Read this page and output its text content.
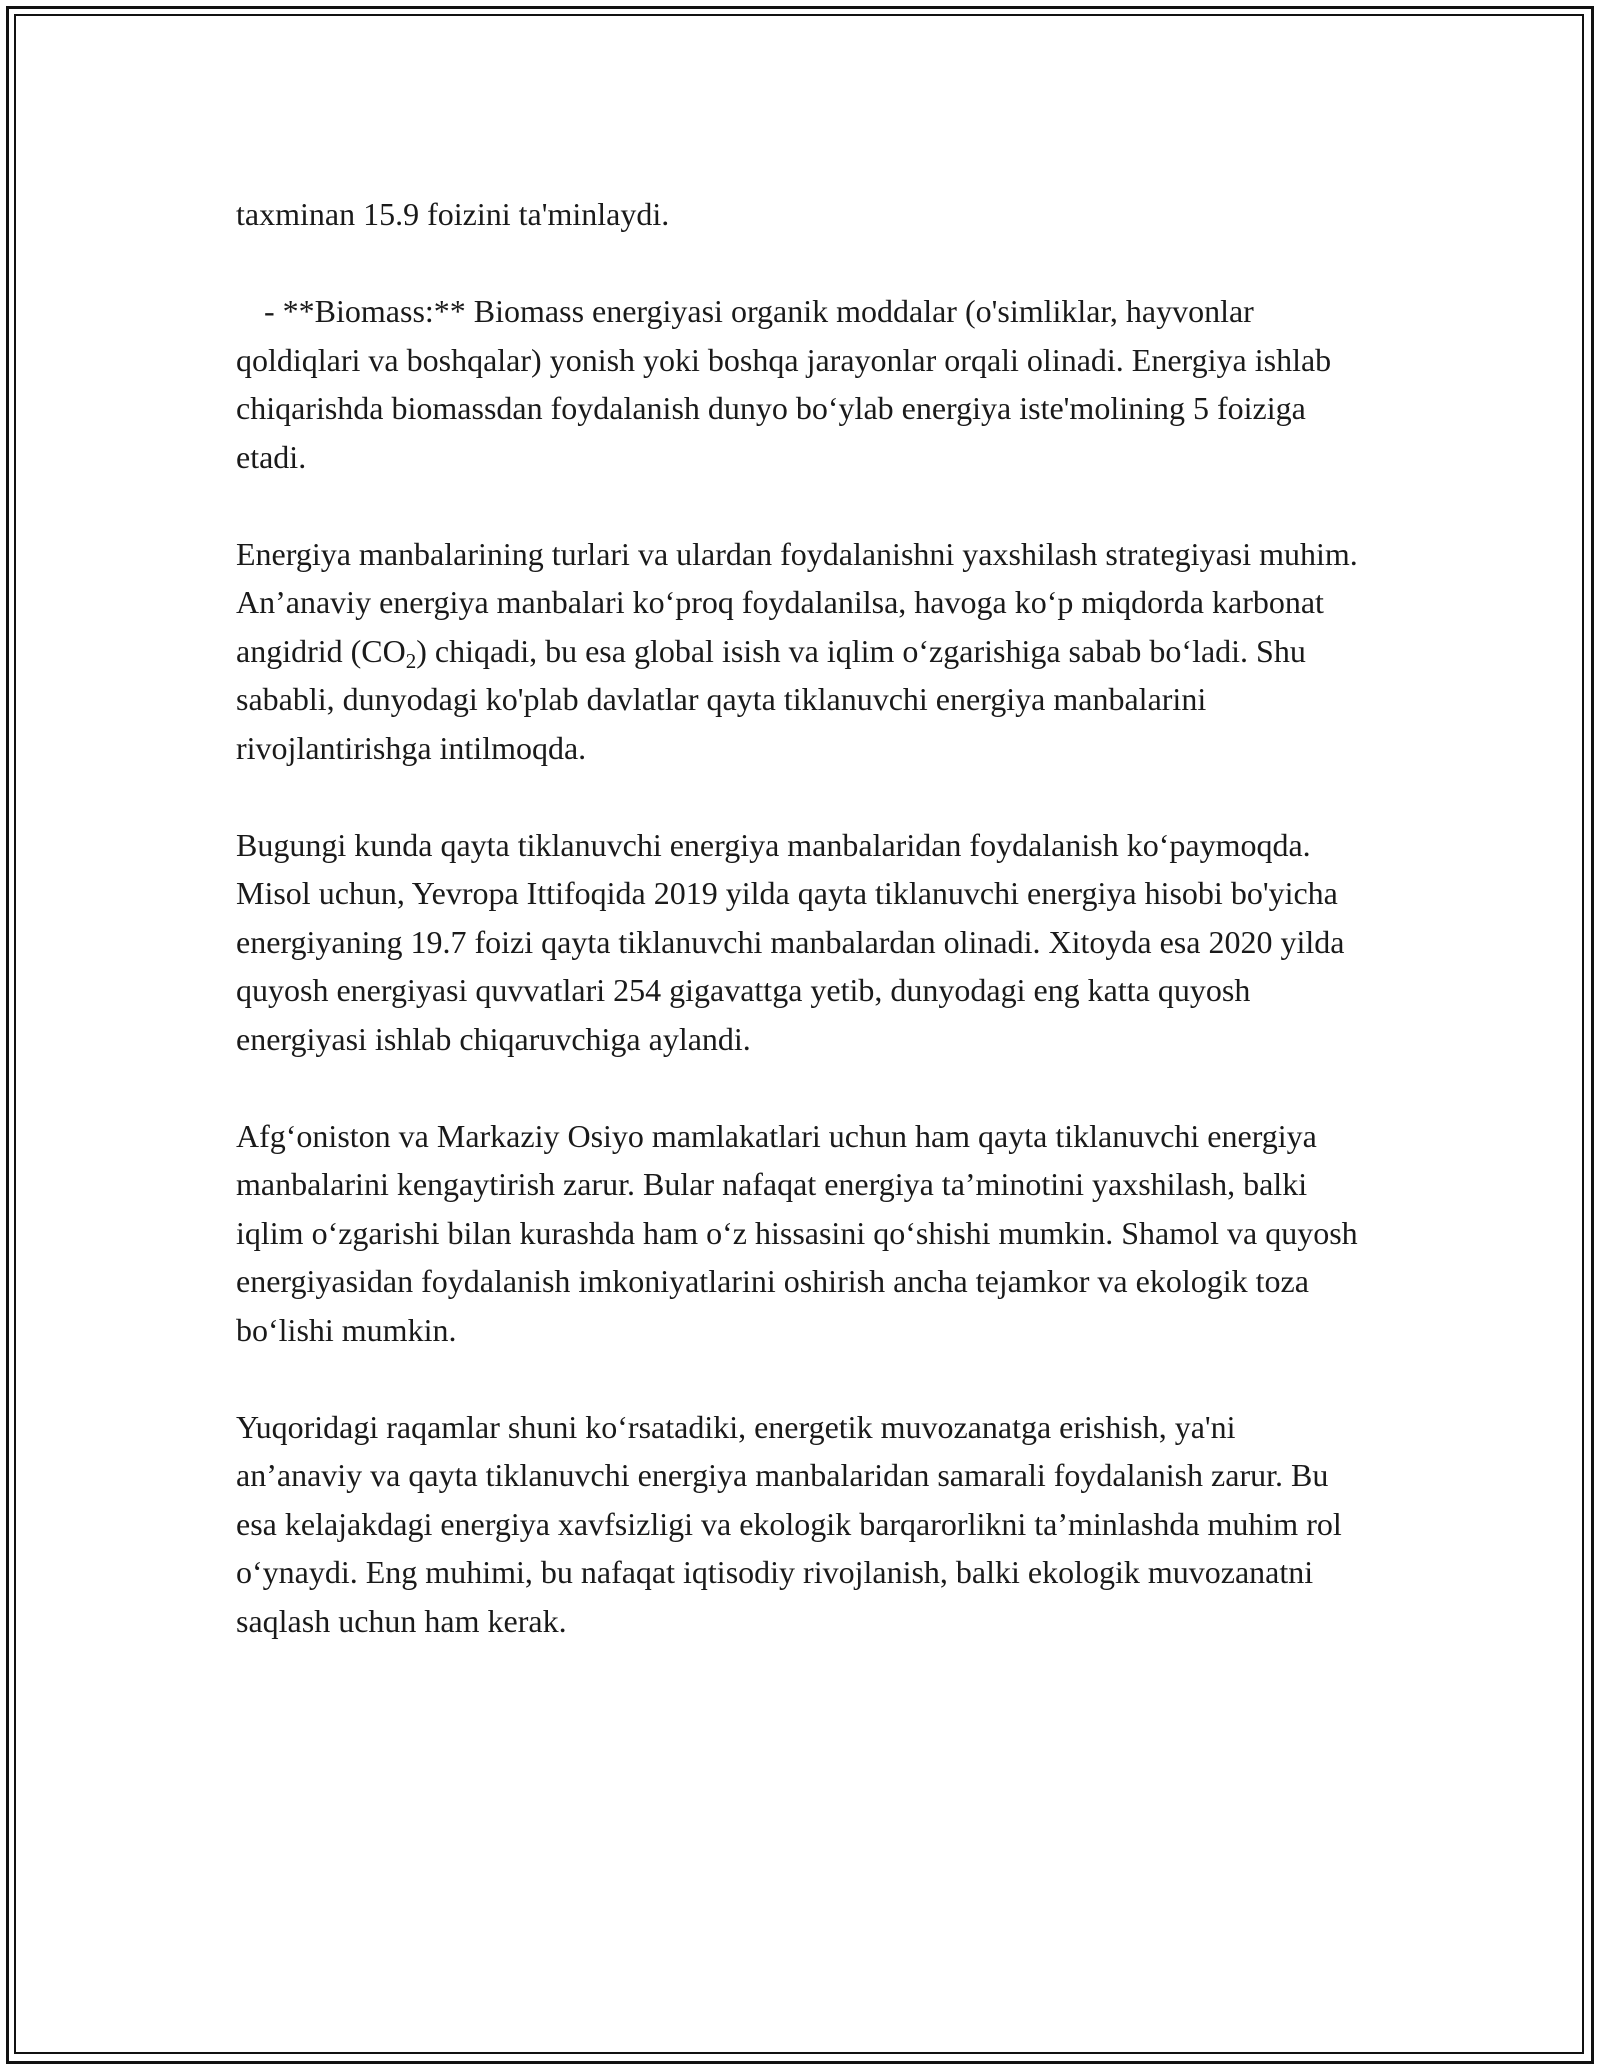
taxminan 15.9 foizini ta'minlaydi.

- **Biomass:** Biomass energiyasi organik moddalar (o'simliklar, hayvonlar qoldiqlari va boshqalar) yonish yoki boshqa jarayonlar orqali olinadi. Energiya ishlab chiqarishda biomassdan foydalanish dunyo bo‘ylab energiya iste'molining 5 foiziga etadi.

Energiya manbalarining turlari va ulardan foydalanishni yaxshilash strategiyasi muhim. An’anaviy energiya manbalari ko‘proq foydalanilsa, havoga ko‘p miqdorda karbonat angidrid $(CO_2)$ chiqadi, bu esa global isish va iqlim o‘zgarishiga sabab bo‘ladi. Shu sababli, dunyodagi ko'plab davlatlar qayta tiklanuvchi energiya manbalarini rivojlantirishga intilmoqda.

Bugungi kunda qayta tiklanuvchi energiya manbalaridan foydalanish ko‘paymoqda. Misol uchun, Yevropa Ittifoqida 2019 yilda qayta tiklanuvchi energiya hisobi bo'yicha energiyaning 19.7 foizi qayta tiklanuvchi manbalardan olinadi. Xitoyda esa 2020 yilda quyosh energiyasi quvvatlari 254 gigavattga yetib, dunyodagi eng katta quyosh energiyasi ishlab chiqaruvchiga aylandi.

Afg‘oniston va Markaziy Osiyo mamlakatlari uchun ham qayta tiklanuvchi energiya manbalarini kengaytirish zarur. Bular nafaqat energiya ta’minotini yaxshilash, balki iqlim o‘zgarishi bilan kurashda ham o‘z hissasini qo‘shishi mumkin. Shamol va quyosh energiyasidan foydalanish imkoniyatlarini oshirish ancha tejamkor va ekologik toza bo‘lishi mumkin.

Yuqoridagi raqamlar shuni ko‘rsatadiki, energetik muvozanatga erishish, ya'ni an’anaviy va qayta tiklanuvchi energiya manbalaridan samarali foydalanish zarur. Bu esa kelajakdagi energiya xavfsizligi va ekologik barqarorlikni ta’minlashda muhim rol o‘ynaydi. Eng muhimi, bu nafaqat iqtisodiy rivojlanish, balki ekologik muvozanatni saqlash uchun ham kerak.
